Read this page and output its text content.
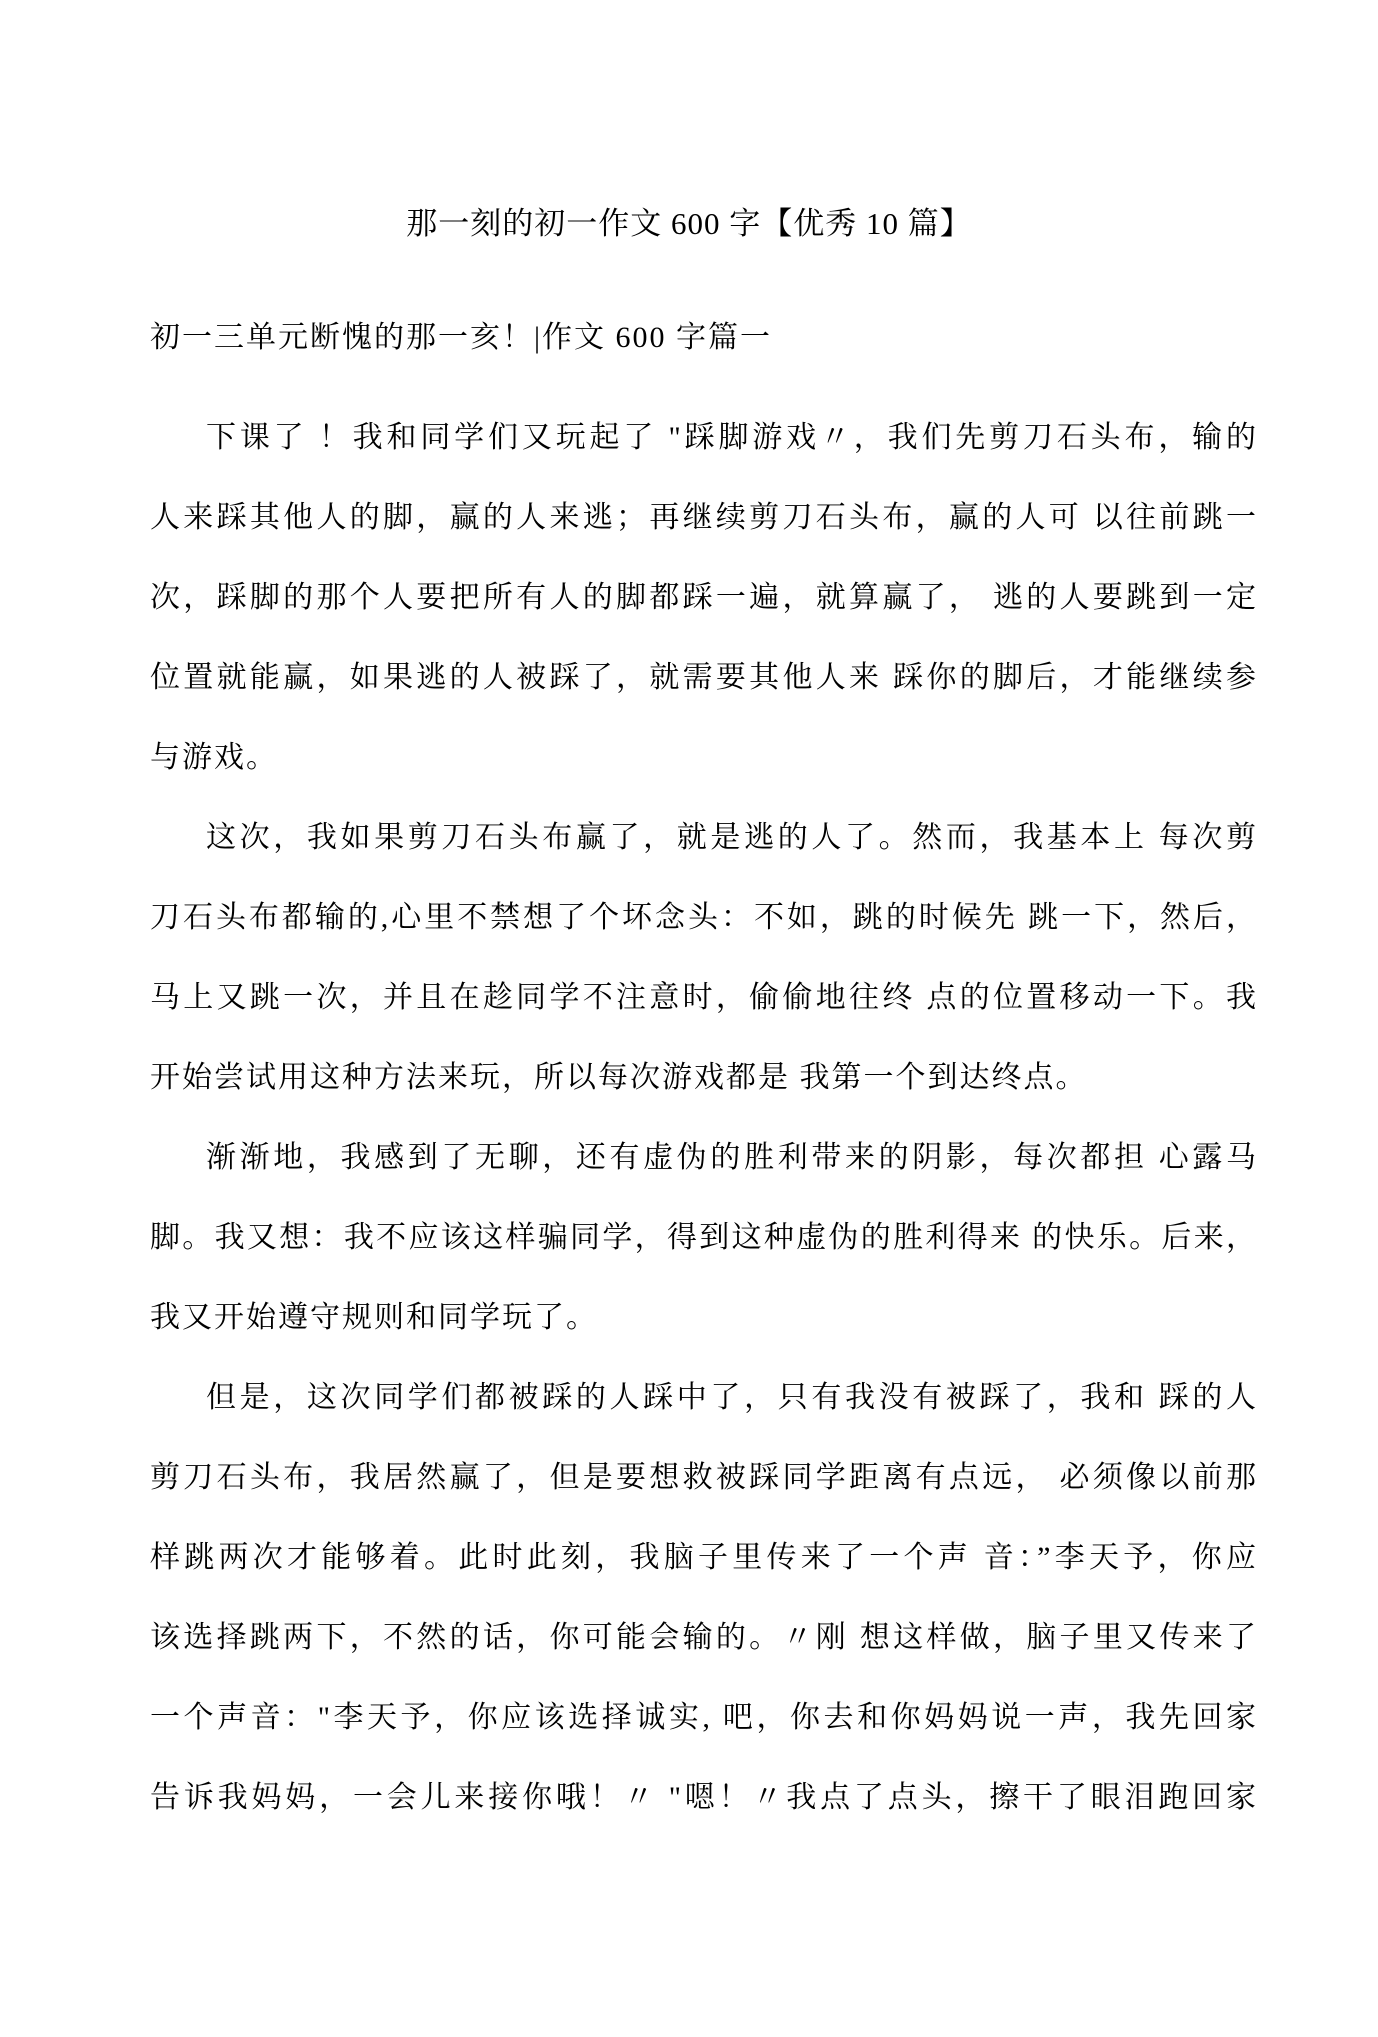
那一刻的初一作文 600 字【优秀 10 篇】
初一三单元断愧的那一亥！|作文 600 字篇一
下课了 ！我和同学们又玩起了 "踩脚游戏〃，我们先剪刀石头布，输的
人来踩其他人的脚，赢的人来逃；再继续剪刀石头布，赢的人可 以往前跳一
次，踩脚的那个人要把所有人的脚都踩一遍，就算赢了， 逃的人要跳到一定
位置就能赢，如果逃的人被踩了，就需要其他人来 踩你的脚后，才能继续参
与游戏。
这次，我如果剪刀石头布赢了，就是逃的人了。然而，我基本上 每次剪
刀石头布都输的,心里不禁想了个坏念头：不如，跳的时候先 跳一下，然后，
马上又跳一次，并且在趁同学不注意时，偷偷地往终 点的位置移动一下。我
开始尝试用这种方法来玩，所以每次游戏都是 我第一个到达终点。
渐渐地，我感到了无聊，还有虚伪的胜利带来的阴影，每次都担 心露马
脚。我又想：我不应该这样骗同学，得到这种虚伪的胜利得来 的快乐。后来，
我又开始遵守规则和同学玩了。
但是，这次同学们都被踩的人踩中了，只有我没有被踩了，我和 踩的人
剪刀石头布，我居然赢了，但是要想救被踩同学距离有点远， 必须像以前那
样跳两次才能够着。此时此刻，我脑子里传来了一个声 音：”李天予，你应
该选择跳两下，不然的话，你可能会输的。〃刚 想这样做，脑子里又传来了
一个声音："李天予，你应该选择诚实, 吧，你去和你妈妈说一声，我先回家
告诉我妈妈，一会儿来接你哦！〃 "嗯！〃我点了点头，擦干了眼泪跑回家
